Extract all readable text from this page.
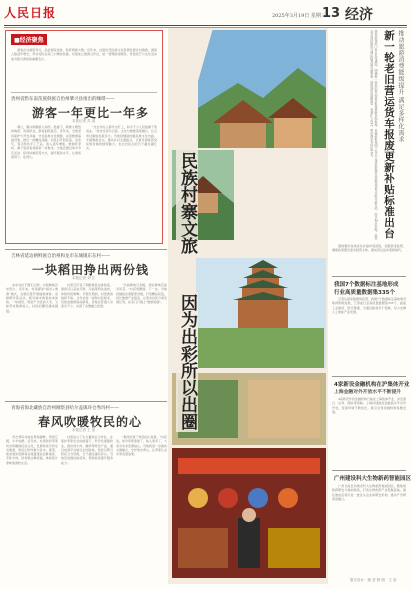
人民日报	2025年3月19日 星期三
13 经济
■经济聚焦
　　游客在村寨里穿行，品尝侗家美食，聆听侗族大歌。近年来，这里依托民族文化资源发展乡村旅游，游客人数逐年增长，带动村民在家门口增收致富。村里成立旅游合作社，统一管理接待服务，传统技艺与文化活动成为吸引游客的重要名片。
贵州省黔东南苗族侗族自治州肇兴县推出的咖啡——
游客一年更比一年多
本报记者 苏 滨
　　春日，肇兴侗寨游人如织。鼓楼下，侗族大歌悠扬响起；风雨桥边，游客拍照留念。近年来，当地坚持保护与开发并重，守住民族文化根脉，完善旅游基础设施，推出一批精品线路。村民们开起民宿、农家乐，售卖特色手工艺品，收入逐年增加。旅游旺季时，寨子里的客栈常常一房难求。当地还通过举办节庆活动、培训讲解员等方式，提升服务水平，让游客留得下、住得久。
　　"过去年轻人都外出打工，如今不少人回到寨子里创业。"村党支部书记说。文化与旅游深度融合，让古老村寨焕发新活力。当地将继续挖掘民族文化内涵，丰富旅游业态，推动乡村全面振兴，让更多游客感受民族村寨的独特魅力，也让村民们的日子越过越红火。
吉林省延边朝鲜族自治州和龙市东城镇东东村——
一块稻田挣出两份钱
本报记者 刘 江
　　东东村位于图们江畔，水稻种植历史悠久。近年来，村里探索"稻田+旅游"模式，在稻田里开展插秧体验、农耕研学等活动，吸引城市游客前来体验。一块稻田，既能产出优质大米，又能带来旅游收入，村民的腰包越来越鼓。
　　村里还打造了朝鲜族民俗体验馆，游客可以品尝打糕、冷面等特色美食，体验传统歌舞。节假日期间，村里游客络绎不绝。合作社统一收购村民稻米，包装成旅游商品销售，价格比普通大米高出不少，实现了农旅融合发展。
　　"以前种地只卖粮，现在种地还能卖风景。"村民感慨道。下一步，当地将继续完善配套设施，打造精品民宿，延长旅游产业链条，让更多村民分享发展红利，在家门口端上"旅游饭碗"。
青海省海北藏族自治州刚察县哈尔盖镇环仓秀玛村——
春风吹暖牧民的心
本报记者 王 浩
　　环仓秀玛村地处青海湖畔，草原辽阔，牛羊成群。近年来，村里依托草原风光和藏族民俗文化，发展牧家乐和生态旅游，牧民们纷纷参与其中。夏季，前来观光的游客在帐篷里品尝酥油茶、手抓羊肉，欣赏锅庄舞表演，体验原汁原味的游牧生活。
　　村里成立了生态畜牧业合作社，在保护草原生态的前提下，科学发展畜牧业，推出牦牛肉、酸奶等特色产品，通过电商平台销往全国各地。牧民们既当牧民又当导游，日子越过越有奔头。当地还加强技能培训，帮助牧民提升服务能力。
　　"春风吹进了牧民的心坎里。"村民说，如今草原更绿了，收入更多了，大家对未来充满信心。当地将进一步推动文旅融合，守护绿水青山，让草原儿女共享发展成果。
民族村寨文旅
因为出彩所以出圈
推动旅游消费能级提升 满足多样化需求
新一轮老旧营运货车报废更新补贴标准出台
商务部等部门近日发布通知，明确新一轮老旧营运货车报废更新补贴标准。对提前报废国三及以下排放标准营运类柴油货车并购买新车的，给予相应补贴。此举旨在加快推进交通运输领域设备更新，促进绿色低碳转型，有效扩大内需，更好满足多样化需求。
　　通知要求各地优化补贴申领流程，加强资金监管，确保政策惠及更多经营主体，推动营运货车更新换代。
我国7个数据标注基地形成
行业高质量数据集335个
　　记者从国家数据局获悉，我国7个数据标注基地建设取得积极进展，已形成行业高质量数据集335个，涵盖工业制造、医疗健康、交通运输等多个领域，有力支撑人工智能产业发展。
4家新设金融机构在沪集体开业
上海金融对外开放水平不断提升
　　4家新设外资金融机构日前在上海集体开业，涉及银行、证券、保险等领域。上海持续推进金融高水平对外开放，营商环境不断优化，吸引全球金融机构集聚发展。
广州建设科大生物新药智能园区
　　广州日前启动建设科大生物新药智能园区，聚焦创新药研发与智能制造，打造生物医药产业集聚高地。园区建成后将引进一批龙头企业和研发机构，推动产学研深度融合。
版式设计：姚 莹 制 图：王 浩
